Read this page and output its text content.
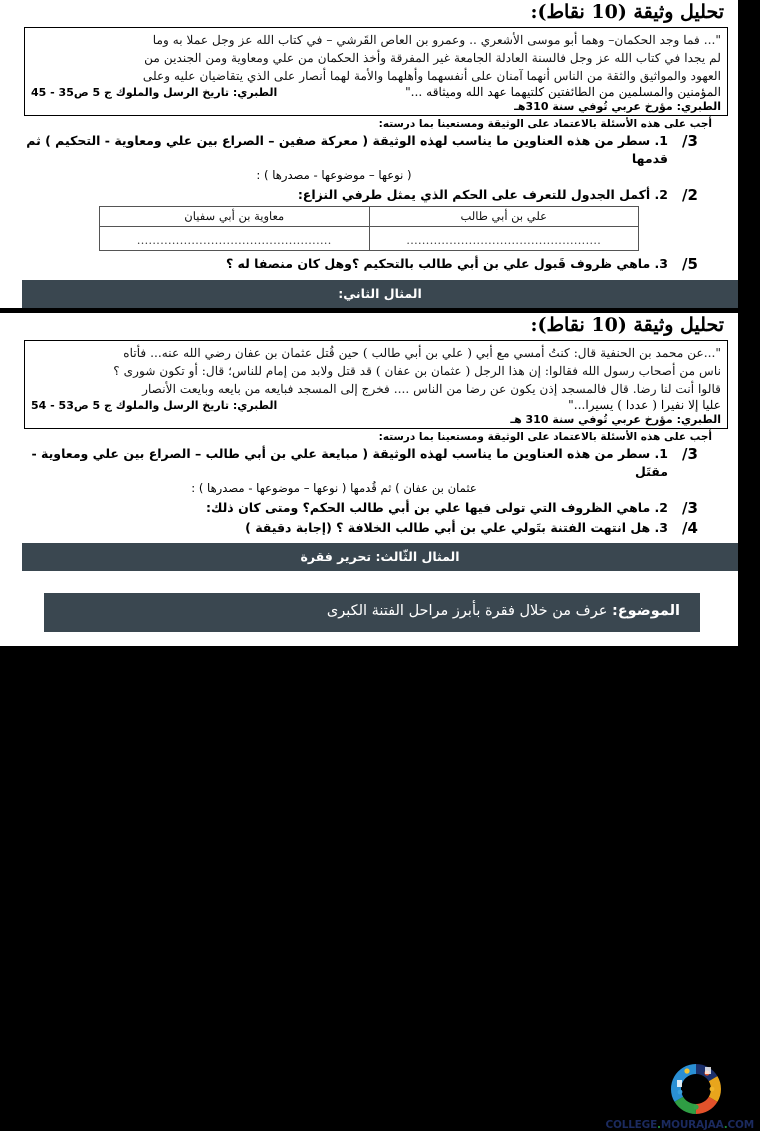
تحليل وثيقة (10 نقاط):

"... فما وجد الحكمان– وهما أبو موسى الأشعري .. وعمرو بن العاص القَرشي – في كتاب الله عز وجل عملا به وما

لم يجدا في كتاب الله عز وجل فالسنة العادلة الجامعة غير المفرقة وأخذ الحكمان من علي ومعاوية ومن الجندين من

العهود والمواثيق والثقة من الناس أنهما آمنان على أنفسهما وأهلهما والأمة لهما أنصار على الذي يتقاضيان عليه وعلى

المؤمنين والمسلمين من الطائفتين كلتيهما عهد الله وميثاقه ..."
الطبري: تاريخ الرسل والملوك ج 5 ص35 - 45
الطبري: مؤرخ عربي تُوفي سنة 310هـ
أجب على هذه الأسئلة بالاعتماد على الوثيقة ومستعينا بما درسته:
1. سطر من هذه العناوين ما يناسب لهذه الوثيقة ( معركة صفين – الصراع بين علي ومعاوية - التحكيم ) ثم قدمها
( نوعها – موضوعها - مصدرها ) :
/3
2. أكمل الجدول للتعرف على الحكم الذي يمثل طرفي النزاع:	/2
علي بن أبي طالب	معاوية بن أبي سفيان
..................................................	..................................................
3. ماهي ظروف قَبول علي بن أبي طالب بالتحكيم ؟وهل كان منصفا له ؟	/5
المثال الثاني:
تحليل وثيقة (10 نقاط):

"...عن محمد بن الحنفية قال: كنتُ أمسي مع أبي ( علي بن أبي طالب ) حين قُتل عثمان بن عفان رضي الله عنه... فأتاه

ناس من أصحاب رسول الله فقالوا: إن هذا الرجل ( عثمان بن عفان ) قد قتل ولابد من إمام للناس؛ قال: أو تكون شورى ؟

قالوا أنت لنا رضا. قال فالمسجد إذن يكون عن رضا من الناس .... فخرج إلى المسجد فبايعه من بايعه وبايعت الأنصار

عليا إلا نفيرا ( عددا ) يسيرا..."
الطبري: تاريخ الرسل والملوك ج 5 ص53 - 54
الطبري: مؤرخ عربي تُوفي سنة 310 هـ
أجب على هذه الأسئلة بالاعتماد على الوثيقة ومستعينا بما درسته:
1. سطر من هذه العناوين ما يناسب لهذه الوثيقة ( مبايعة علي بن أبي طالب – الصراع بين علي ومعاوية - مقتَل
عثمان بن عفان ) ثم قُدمها ( نوعها – موضوعها - مصدرها ) :
/3
2. ماهي الظروف التي تولى فيها علي بن أبي طالب الحكم؟ ومتى كان ذلك:	/3
3. هل انتهت الفتنة بتَولي علي بن أبي طالب الخلافة ؟ (إجابة دقيقة )	/4
المثال الثّالث: تحرير فقرة
الموضوع: عرف من خلال فقرة بأبرز مراحل الفتنة الكبرى
COLLEGE.MOURAJAA.COM
